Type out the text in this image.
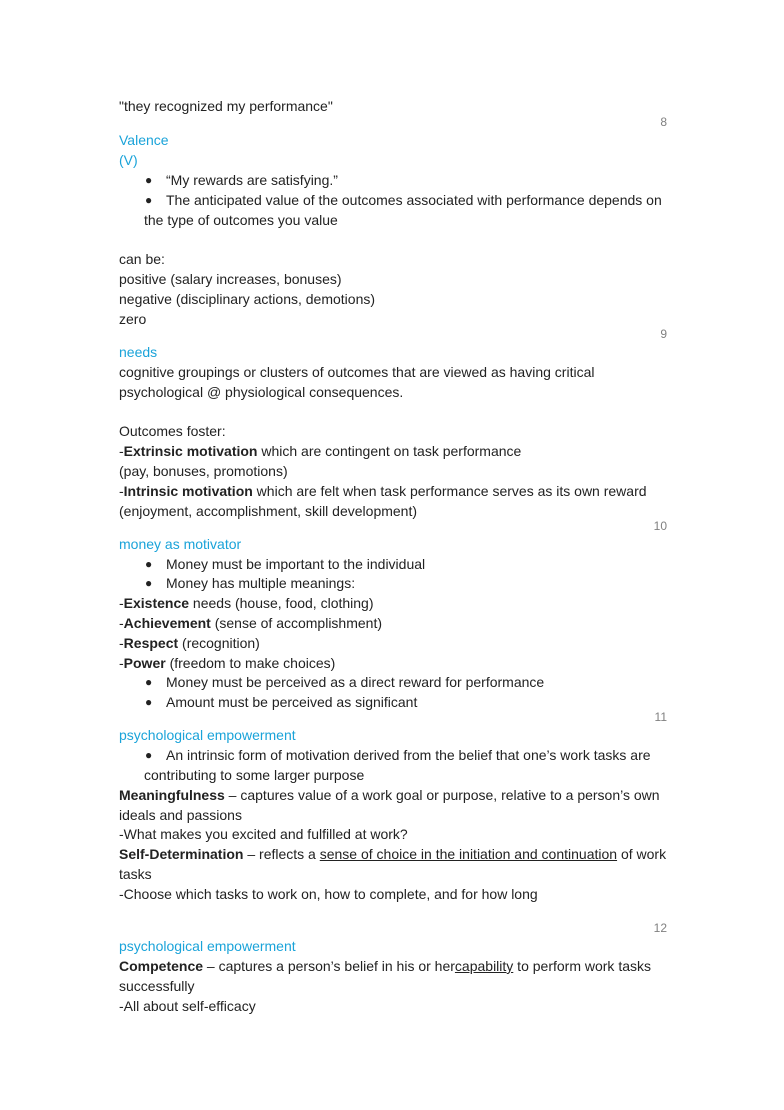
"they recognized my performance"
8
Valence
(V)
● “My rewards are satisfying.”
● The anticipated value of the outcomes associated with performance depends on
the type of outcomes you value
can be:
positive (salary increases, bonuses)
negative (disciplinary actions, demotions)
zero
9
needs
cognitive groupings or clusters of outcomes that are viewed as having critical
psychological @ physiological consequences.
Outcomes foster:
-Extrinsic motivation which are contingent on task performance
(pay, bonuses, promotions)
-Intrinsic motivation which are felt when task performance serves as its own reward
(enjoyment, accomplishment, skill development)
10
money as motivator
● Money must be important to the individual
● Money has multiple meanings:
-Existence needs (house, food, clothing)
-Achievement (sense of accomplishment)
-Respect (recognition)
-Power (freedom to make choices)
● Money must be perceived as a direct reward for performance
● Amount must be perceived as significant
11
psychological empowerment
● An intrinsic form of motivation derived from the belief that one’s work tasks are
contributing to some larger purpose
Meaningfulness – captures value of a work goal or purpose, relative to a person’s own
ideals and passions
-What makes you excited and fulfilled at work?
Self-Determination – reflects a sense of choice in the initiation and continuation of work
tasks
-Choose which tasks to work on, how to complete, and for how long
12
psychological empowerment
Competence – captures a person’s belief in his or hercapability to perform work tasks
successfully
-All about self-efficacy
